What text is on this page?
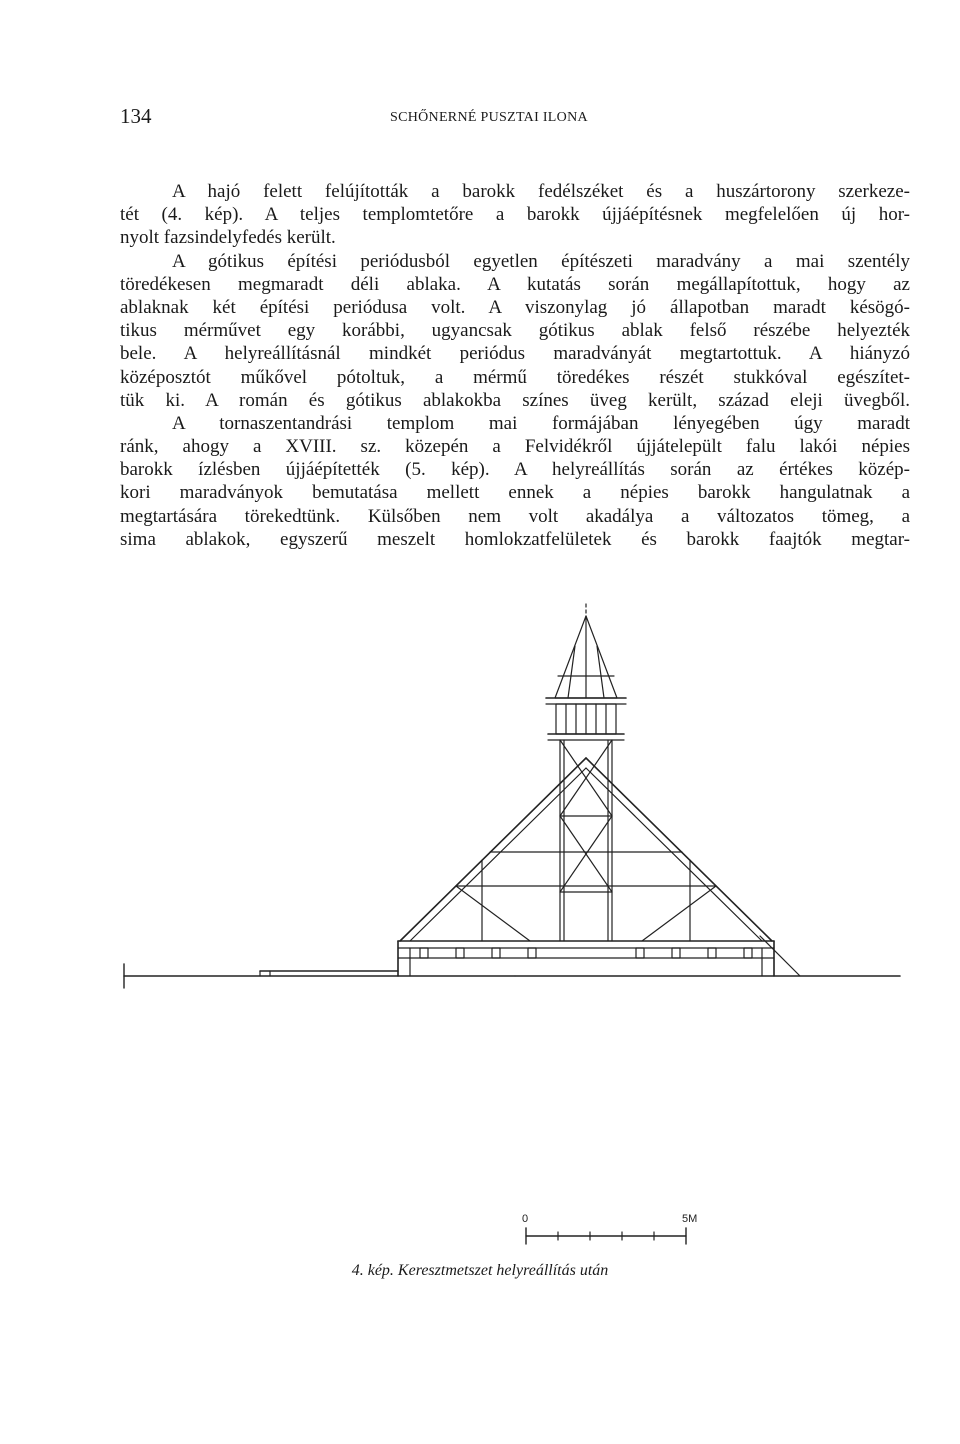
134	SCHŐNERNÉ PUSZTAI ILONA
A hajó felett felújították a barokk fedélszéket és a huszártorony szerkeze-
tét (4. kép). A teljes templomtetőre a barokk újjáépítésnek megfelelően új hor-
nyolt fazsindelyfedés került.
A gótikus építési periódusból egyetlen építészeti maradvány a mai szentély
töredékesen megmaradt déli ablaka. A kutatás során megállapítottuk, hogy az
ablaknak két építési periódusa volt. A viszonylag jó állapotban maradt késögó-
tikus mérművet egy korábbi, ugyancsak gótikus ablak felső részébe helyezték
bele. A helyreállításnál mindkét periódus maradványát megtartottuk. A hiányzó
középosztót műkővel pótoltuk, a mérmű töredékes részét stukkóval egészítet-
tük ki. A román és gótikus ablakokba színes üveg került, század eleji üvegből.
A tornaszentandrási templom mai formájában lényegében úgy maradt
ránk, ahogy a XVIII. sz. közepén a Felvidékről újjátelepült falu lakói népies
barokk ízlésben újjáépítették (5. kép). A helyreállítás során az értékes közép-
kori maradványok bemutatása mellett ennek a népies barokk hangulatnak a
megtartására törekedtünk. Külsőben nem volt akadálya a változatos tömeg, a
sima ablakok, egyszerű meszelt homlokzatfelületek és barokk faajtók megtar-
0	5M
4. kép. Keresztmetszet helyreállítás után
